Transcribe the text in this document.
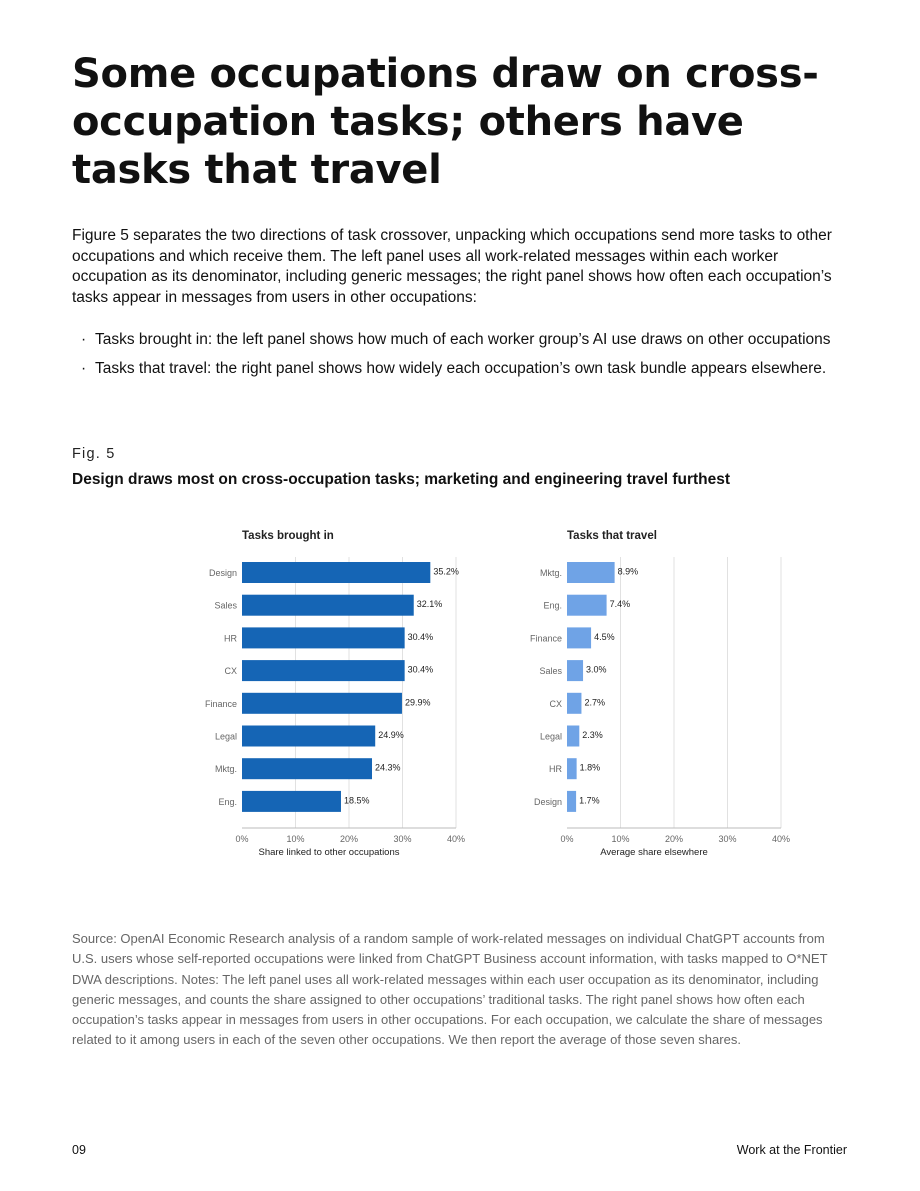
Some occupations draw on cross-occupation tasks; others have tasks that travel

Figure 5 separates the two directions of task crossover, unpacking which occupations send more tasks to other occupations and which receive them. The left panel uses all work-related messages within each worker occupation as its denominator, including generic messages; the right panel shows how often each occupation’s tasks appear in messages from users in other occupations:

· Tasks brought in: the left panel shows how much of each worker group’s AI use draws on other occupations
· Tasks that travel: the right panel shows how widely each occupation’s own task bundle appears elsewhere.
Fig. 5
Design draws most on cross-occupation tasks; marketing and engineering travel furthest
Tasks brought in
0%	10%	20%	30%	40%
Share linked to other occupations
Design	35.2%
Sales	32.1%
HR	30.4%
CX	30.4%
Finance	29.9%
Legal	24.9%
Mktg.	24.3%
Eng.	18.5%
Tasks that travel
0%	10%	20%	30%	40%
Average share elsewhere
Mktg.	8.9%
Eng.	7.4%
Finance	4.5%
Sales	3.0%
CX 2.7%
Legal 2.3%
HR 1.8%
Design 1.7%

Source: OpenAI Economic Research analysis of a random sample of work-related messages on individual ChatGPT accounts from U.S. users whose self-reported occupations were linked from ChatGPT Business account information, with tasks mapped to O*NET DWA descriptions. Notes: The left panel uses all work-related messages within each user occupation as its denominator, including generic messages, and counts the share assigned to other occupations’ traditional tasks. The right panel shows how often each occupation’s tasks appear in messages from users in other occupations. For each occupation, we calculate the share of messages related to it among users in each of the seven other occupations. We then report the average of those seven shares.

09	Work at the Frontier
